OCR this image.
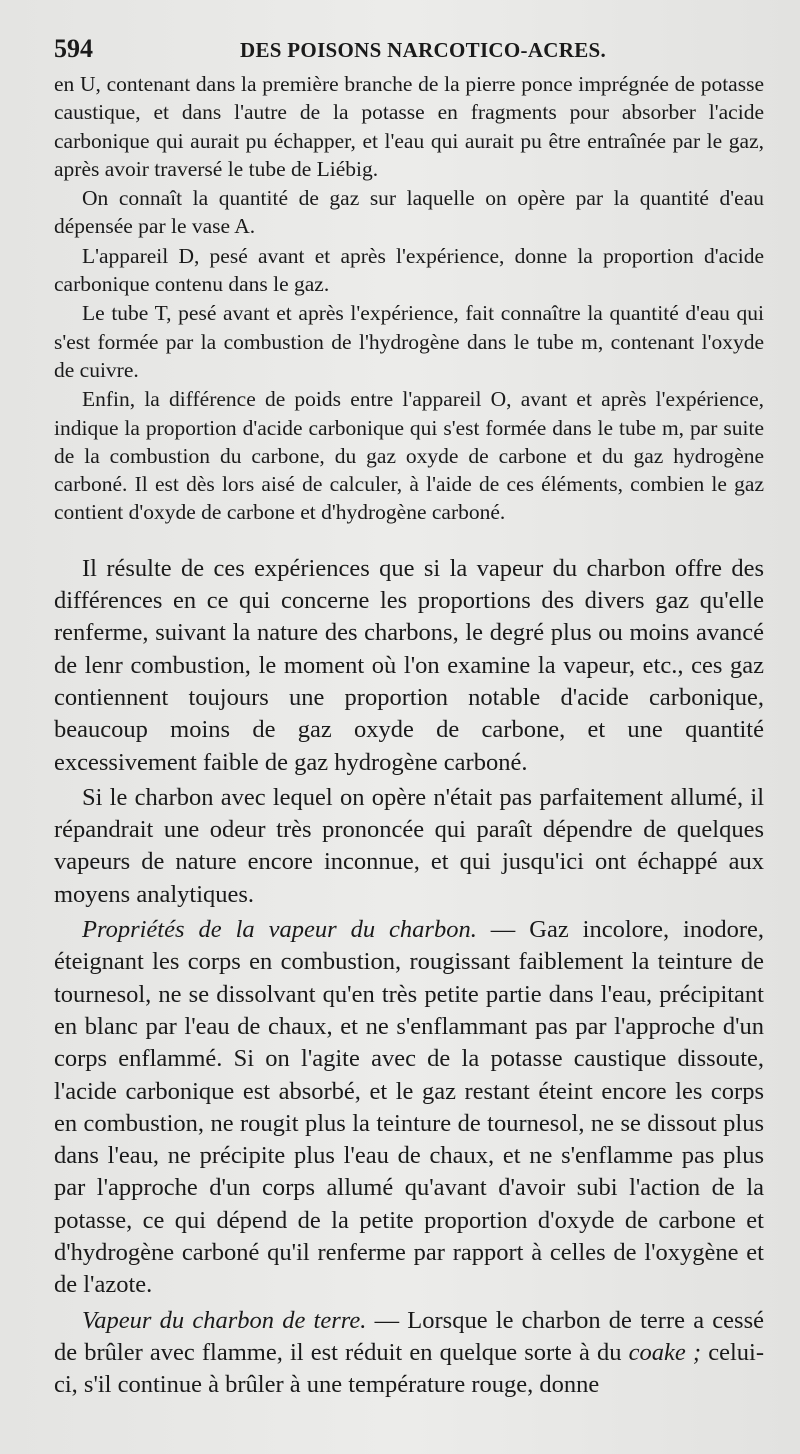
594	DES POISONS NARCOTICO-ACRES.

en U, contenant dans la première branche de la pierre ponce imprégnée de potasse caustique, et dans l'autre de la potasse en fragments pour absorber l'acide carbonique qui aurait pu échapper, et l'eau qui aurait pu être entraînée par le gaz, après avoir traversé le tube de Liébig.

On connaît la quantité de gaz sur laquelle on opère par la quantité d'eau dépensée par le vase A.

L'appareil D, pesé avant et après l'expérience, donne la proportion d'acide carbonique contenu dans le gaz.

Le tube T, pesé avant et après l'expérience, fait connaître la quantité d'eau qui s'est formée par la combustion de l'hydrogène dans le tube m, contenant l'oxyde de cuivre.

Enfin, la différence de poids entre l'appareil O, avant et après l'expérience, indique la proportion d'acide carbonique qui s'est formée dans le tube m, par suite de la combustion du carbone, du gaz oxyde de carbone et du gaz hydrogène carboné. Il est dès lors aisé de calculer, à l'aide de ces éléments, combien le gaz contient d'oxyde de carbone et d'hydrogène carboné.

Il résulte de ces expériences que si la vapeur du charbon offre des différences en ce qui concerne les proportions des divers gaz qu'elle renferme, suivant la nature des charbons, le degré plus ou moins avancé de lenr combustion, le moment où l'on examine la vapeur, etc., ces gaz contiennent toujours une proportion notable d'acide carbonique, beaucoup moins de gaz oxyde de carbone, et une quantité excessivement faible de gaz hydrogène carboné.

Si le charbon avec lequel on opère n'était pas parfaitement allumé, il répandrait une odeur très prononcée qui paraît dépendre de quelques vapeurs de nature encore inconnue, et qui jusqu'ici ont échappé aux moyens analytiques.

Propriétés de la vapeur du charbon. — Gaz incolore, inodore, éteignant les corps en combustion, rougissant faiblement la teinture de tournesol, ne se dissolvant qu'en très petite partie dans l'eau, précipitant en blanc par l'eau de chaux, et ne s'enflammant pas par l'approche d'un corps enflammé. Si on l'agite avec de la potasse caustique dissoute, l'acide carbonique est absorbé, et le gaz restant éteint encore les corps en combustion, ne rougit plus la teinture de tournesol, ne se dissout plus dans l'eau, ne précipite plus l'eau de chaux, et ne s'enflamme pas plus par l'approche d'un corps allumé qu'avant d'avoir subi l'action de la potasse, ce qui dépend de la petite proportion d'oxyde de carbone et d'hydrogène carboné qu'il renferme par rapport à celles de l'oxygène et de l'azote.

Vapeur du charbon de terre. — Lorsque le charbon de terre a cessé de brûler avec flamme, il est réduit en quelque sorte à du coake ; celui-ci, s'il continue à brûler à une température rouge, donne
